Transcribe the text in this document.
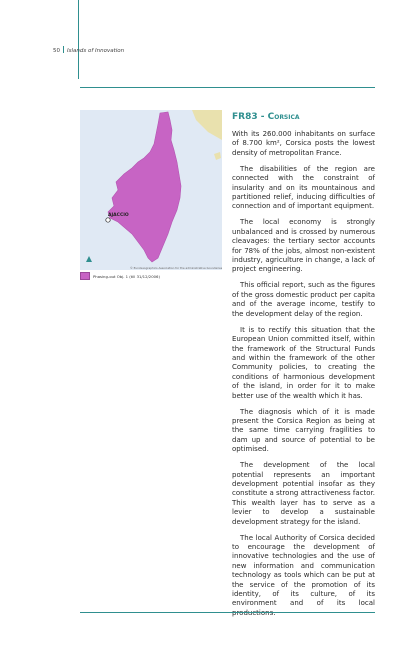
50 Islands of Innovation
AJACCIO
© EuroGeographics Association for the administrative boundaries
Phasing-out Obj. 1 (till 31/12/2006)
FR83 - Corsica

With its 260.000 inhabitants on surface of 8.700 km², Corsica posts the lowest density of metropolitan France.

The disabilities of the region are connected with the constraint of insularity and on its mountainous and partitioned relief, inducing difficulties of connection and of important equipment.

The local economy is strongly unbalanced and is crossed by numerous cleavages: the tertiary sector accounts for 78% of the jobs, almost non-existent industry, agriculture in change, a lack of project engineering.

This official report, such as the figures of the gross domestic product per capita and of the average income, testify to the development delay of the region.

It is to rectify this situation that the European Union committed itself, within the framework of the Structural Funds and within the framework of the other Community policies, to creating the conditions of harmonious development of the island, in order for it to make better use of the wealth which it has.

The diagnosis which of it is made present the Corsica Region as being at the same time carrying fragilities to dam up and source of potential to be optimised.

The development of the local potential represents an important development potential insofar as they constitute a strong attractiveness factor. This wealth layer has to serve as a levier to develop a sustainable development strategy for the island.

The local Authority of Corsica decided to encourage the development of innovative technologies and the use of new information and communication technology as tools which can be put at the service of the promotion of its identity, of its culture, of its environment and of its local
